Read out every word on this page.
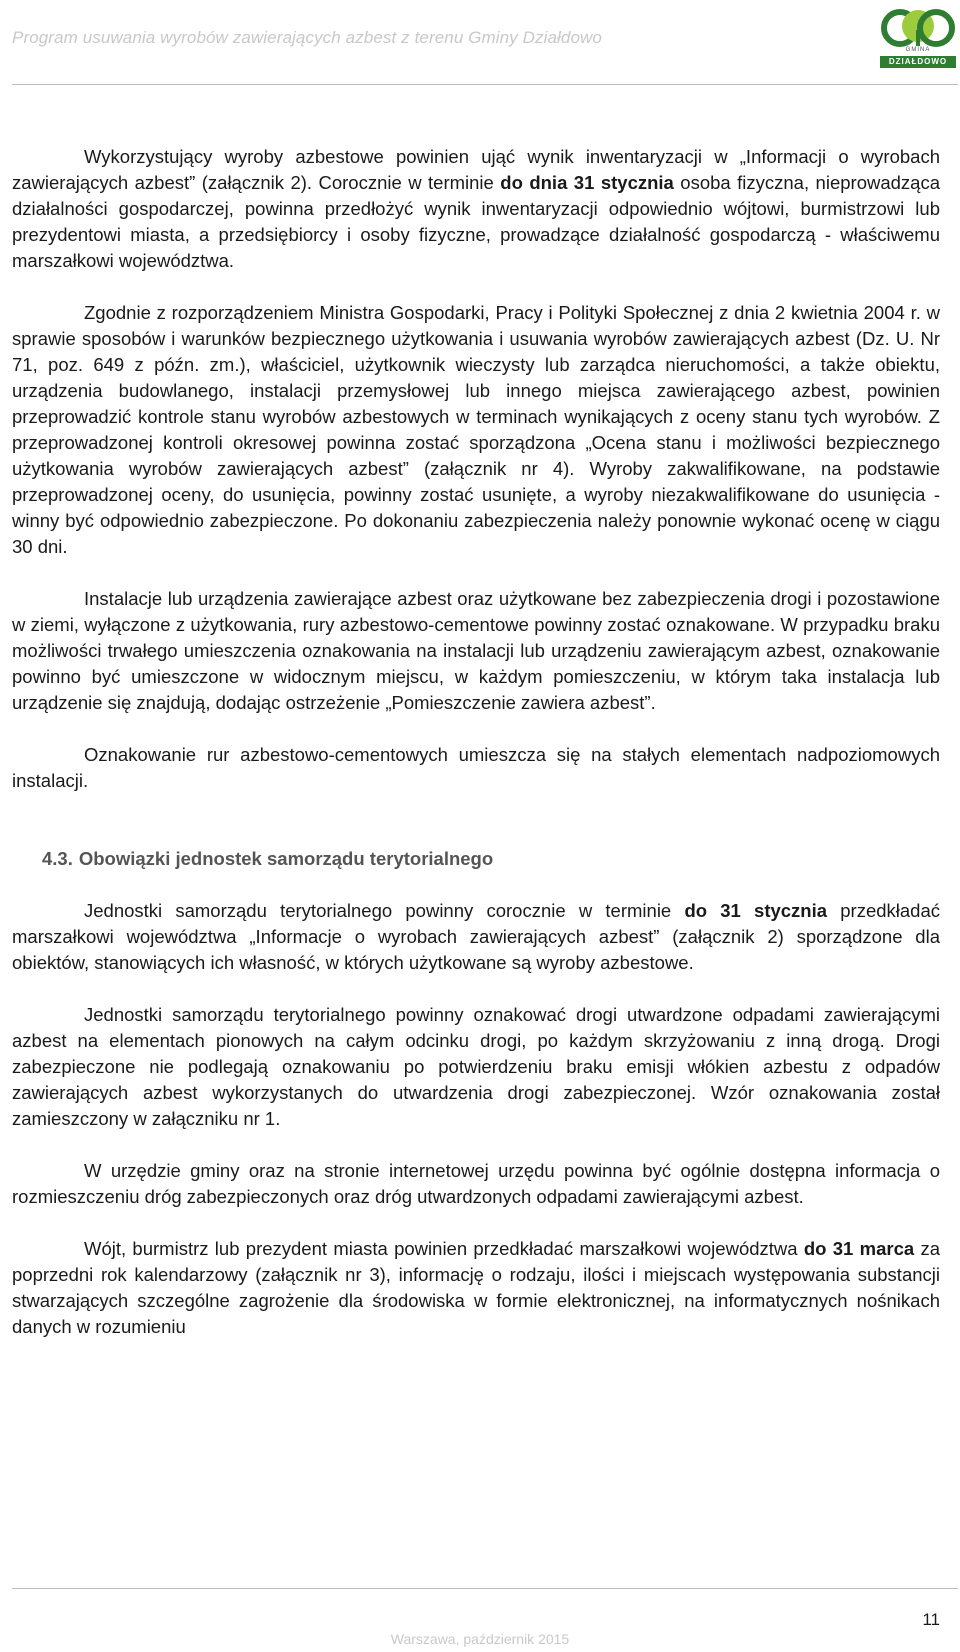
Program usuwania wyrobów zawierających azbest z terenu Gminy Działdowo
GMINA
DZIAŁDOWO

Wykorzystujący wyroby azbestowe powinien ująć wynik inwentaryzacji w „Informacji o wyrobach zawierających azbest” (załącznik 2). Corocznie w terminie do dnia 31 stycznia osoba fizyczna, nieprowadząca działalności gospodarczej, powinna przedłożyć wynik inwentaryzacji odpowiednio wójtowi, burmistrzowi lub prezydentowi miasta, a przedsiębiorcy i osoby fizyczne, prowadzące działalność gospodarczą - właściwemu marszałkowi województwa.

Zgodnie z rozporządzeniem Ministra Gospodarki, Pracy i Polityki Społecznej z dnia 2 kwietnia 2004 r. w sprawie sposobów i warunków bezpiecznego użytkowania i usuwania wyrobów zawierających azbest (Dz. U. Nr 71, poz. 649 z późn. zm.), właściciel, użytkownik wieczysty lub zarządca nieruchomości, a także obiektu, urządzenia budowlanego, instalacji przemysłowej lub innego miejsca zawierającego azbest, powinien przeprowadzić kontrole stanu wyrobów azbestowych w terminach wynikających z oceny stanu tych wyrobów. Z przeprowadzonej kontroli okresowej powinna zostać sporządzona „Ocena stanu i możliwości bezpiecznego użytkowania wyrobów zawierających azbest” (załącznik nr 4). Wyroby zakwalifikowane, na podstawie przeprowadzonej oceny, do usunięcia, powinny zostać usunięte, a wyroby niezakwalifikowane do usunięcia - winny być odpowiednio zabezpieczone. Po dokonaniu zabezpieczenia należy ponownie wykonać ocenę w ciągu 30 dni.

Instalacje lub urządzenia zawierające azbest oraz użytkowane bez zabezpieczenia drogi i pozostawione w ziemi, wyłączone z użytkowania, rury azbestowo-cementowe powinny zostać oznakowane. W przypadku braku możliwości trwałego umieszczenia oznakowania na instalacji lub urządzeniu zawierającym azbest, oznakowanie powinno być umieszczone w widocznym miejscu, w każdym pomieszczeniu, w którym taka instalacja lub urządzenie się znajdują, dodając ostrzeżenie „Pomieszczenie zawiera azbest”.

Oznakowanie rur azbestowo-cementowych umieszcza się na stałych elementach nadpoziomowych instalacji.

4.3. Obowiązki jednostek samorządu terytorialnego

Jednostki samorządu terytorialnego powinny corocznie w terminie do 31 stycznia przedkładać marszałkowi województwa „Informacje o wyrobach zawierających azbest” (załącznik 2) sporządzone dla obiektów, stanowiących ich własność, w których użytkowane są wyroby azbestowe.

Jednostki samorządu terytorialnego powinny oznakować drogi utwardzone odpadami zawierającymi azbest na elementach pionowych na całym odcinku drogi, po każdym skrzyżowaniu z inną drogą. Drogi zabezpieczone nie podlegają oznakowaniu po potwierdzeniu braku emisji włókien azbestu z odpadów zawierających azbest wykorzystanych do utwardzenia drogi zabezpieczonej. Wzór oznakowania został zamieszczony w załączniku nr 1.

W urzędzie gminy oraz na stronie internetowej urzędu powinna być ogólnie dostępna informacja o rozmieszczeniu dróg zabezpieczonych oraz dróg utwardzonych odpadami zawierającymi azbest.

Wójt, burmistrz lub prezydent miasta powinien przedkładać marszałkowi województwa do 31 marca za poprzedni rok kalendarzowy (załącznik nr 3), informację o rodzaju, ilości i miejscach występowania substancji stwarzających szczególne zagrożenie dla środowiska w formie elektronicznej, na informatycznych nośnikach danych w rozumieniu

11
Warszawa, październik 2015
